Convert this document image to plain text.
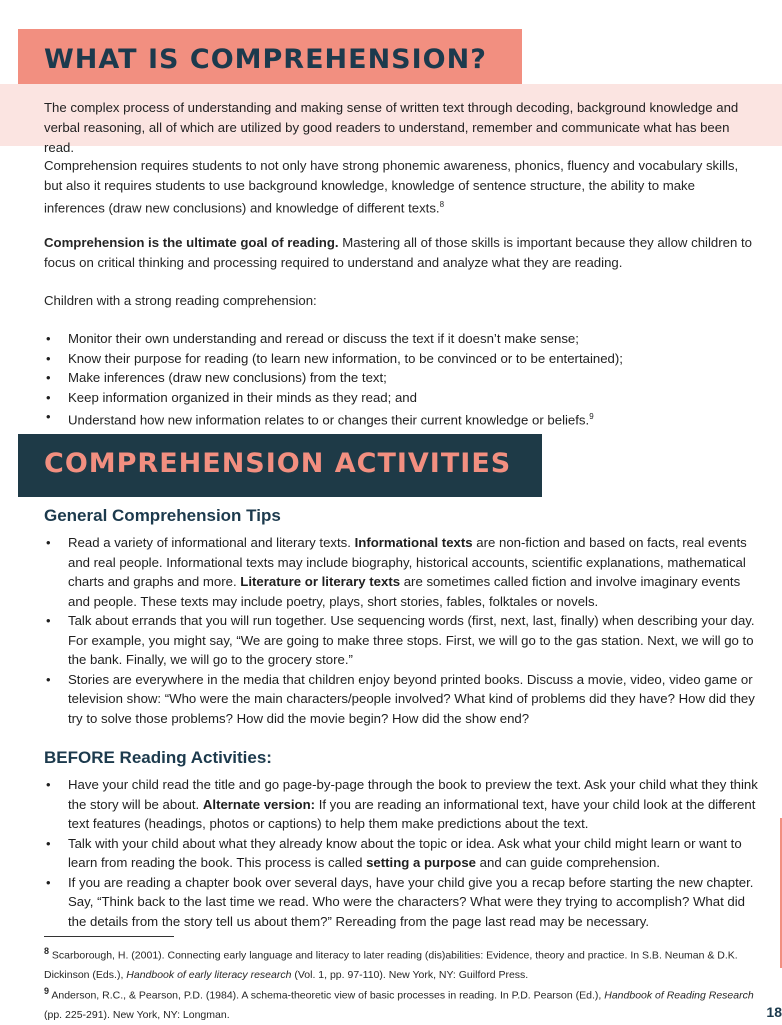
WHAT IS COMPREHENSION?

The complex process of understanding and making sense of written text through decoding, background knowledge and verbal reasoning, all of which are utilized by good readers to understand, remember and communicate what has been read.

Comprehension requires students to not only have strong phonemic awareness, phonics, fluency and vocabulary skills, but also it requires students to use background knowledge, knowledge of sentence structure, the ability to make inferences (draw new conclusions) and knowledge of different texts.$^8$

Comprehension is the ultimate goal of reading. Mastering all of those skills is important because they allow children to focus on critical thinking and processing required to understand and analyze what they are reading.

Children with a strong reading comprehension:

• Monitor their own understanding and reread or discuss the text if it doesn’t make sense;
• Know their purpose for reading (to learn new information, to be convinced or to be entertained);
• Make inferences (draw new conclusions) from the text;
• Keep information organized in their minds as they read; and
• Understand how new information relates to or changes their current knowledge or beliefs.$^9$
COMPREHENSION ACTIVITIES
General Comprehension Tips
• Read a variety of informational and literary texts. Informational texts are non-fiction and based on facts, real events and real people. Informational texts may include biography, historical accounts, scientific explanations, mathematical charts and graphs and more. Literature or literary texts are sometimes called fiction and involve imaginary events and people. These texts may include poetry, plays, short stories, fables, folktales or novels.
• Talk about errands that you will run together. Use sequencing words (first, next, last, finally) when describing your day. For example, you might say, “We are going to make three stops. First, we will go to the gas station. Next, we will go to the bank. Finally, we will go to the grocery store.”
• Stories are everywhere in the media that children enjoy beyond printed books. Discuss a movie, video, video game or television show: “Who were the main characters/people involved? What kind of problems did they have? How did they try to solve those problems? How did the movie begin? How did the show end?
BEFORE Reading Activities:
• Have your child read the title and go page-by-page through the book to preview the text. Ask your child what they think the story will be about. Alternate version: If you are reading an informational text, have your child look at the different text features (headings, photos or captions) to help them make predictions about the text.
• Talk with your child about what they already know about the topic or idea. Ask what your child might learn or want to learn from reading the book. This process is called setting a purpose and can guide comprehension.
• If you are reading a chapter book over several days, have your child give you a recap before starting the new chapter. Say, “Think back to the last time we read. Who were the characters? What were they trying to accomplish? What did the details from the story tell us about them?” Rereading from the page last read may be necessary.

$^8$ Scarborough, H. (2001). Connecting early language and literacy to later reading (dis)abilities: Evidence, theory and practice. In S.B. Neuman & D.K. Dickinson (Eds.), Handbook of early literacy research (Vol. 1, pp. 97-110). New York, NY: Guilford Press.

$^9$ Anderson, R.C., & Pearson, P.D. (1984). A schema-theoretic view of basic processes in reading. In P.D. Pearson (Ed.), Handbook of Reading Research (pp. 225-291). New York, NY: Longman.	18
